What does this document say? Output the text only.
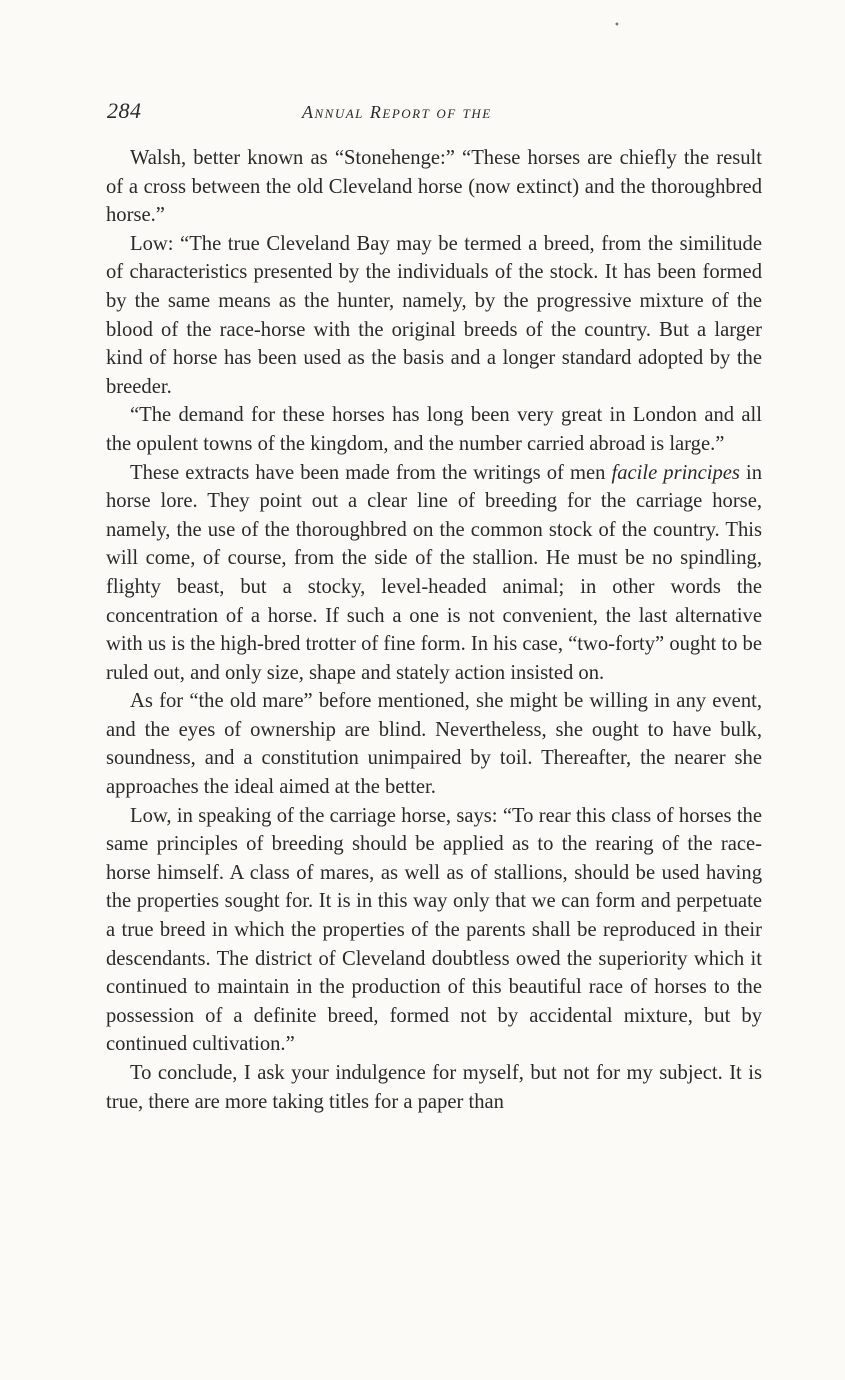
284	Annual Report of the

Walsh, better known as “Stonehenge:” “These horses are chiefly the result of a cross between the old Cleveland horse (now extinct) and the thoroughbred horse.”

Low: “The true Cleveland Bay may be termed a breed, from the similitude of characteristics presented by the individuals of the stock. It has been formed by the same means as the hunter, namely, by the progressive mixture of the blood of the race-horse with the original breeds of the country. But a larger kind of horse has been used as the basis and a longer standard adopted by the breeder.

“The demand for these horses has long been very great in London and all the opulent towns of the kingdom, and the number carried abroad is large.”

These extracts have been made from the writings of men facile principes in horse lore. They point out a clear line of breeding for the carriage horse, namely, the use of the thoroughbred on the common stock of the country. This will come, of course, from the side of the stallion. He must be no spindling, flighty beast, but a stocky, level-headed animal; in other words the concentration of a horse. If such a one is not convenient, the last alternative with us is the high-bred trotter of fine form. In his case, “two-forty” ought to be ruled out, and only size, shape and stately action insisted on.

As for “the old mare” before mentioned, she might be willing in any event, and the eyes of ownership are blind. Nevertheless, she ought to have bulk, soundness, and a constitution unimpaired by toil. Thereafter, the nearer she approaches the ideal aimed at the better.

Low, in speaking of the carriage horse, says: “To rear this class of horses the same principles of breeding should be applied as to the rearing of the race-horse himself. A class of mares, as well as of stallions, should be used having the properties sought for. It is in this way only that we can form and perpetuate a true breed in which the properties of the parents shall be reproduced in their descendants. The district of Cleveland doubtless owed the superiority which it continued to maintain in the production of this beautiful race of horses to the possession of a definite breed, formed not by accidental mixture, but by continued cultivation.”

To conclude, I ask your indulgence for myself, but not for my subject. It is true, there are more taking titles for a paper than

•
